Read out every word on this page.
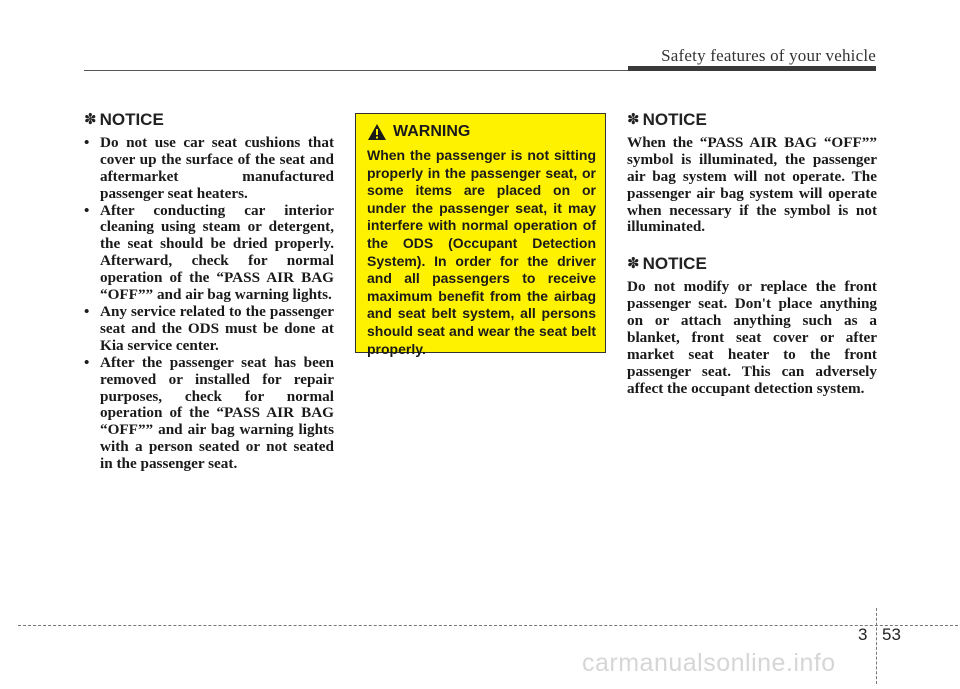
Safety features of your vehicle
✽ NOTICE
• Do not use car seat cushions that cover up the surface of the seat and aftermarket manufactured passenger seat heaters.
• After conducting car interior cleaning using steam or detergent, the seat should be dried properly. Afterward, check for normal operation of the “PASS AIR BAG “OFF”” and air bag warning lights.
• Any service related to the passenger seat and the ODS must be done at Kia service center.
• After the passenger seat has been removed or installed for repair purposes, check for normal operation of the “PASS AIR BAG “OFF”” and air bag warning lights with a person seated or not seated in the passenger seat.
WARNING

When the passenger is not sitting properly in the passenger seat, or some items are placed on or under the passenger seat, it may interfere with normal operation of the ODS (Occupant Detection System). In order for the driver and all passengers to receive maximum benefit from the airbag and seat belt system, all persons should seat and wear the seat belt properly.

✽ NOTICE

When the “PASS AIR BAG “OFF”” symbol is illuminated, the passenger air bag system will not operate. The passenger air bag system will operate when necessary if the symbol is not illuminated.

✽ NOTICE

Do not modify or replace the front passenger seat. Don't place anything on or attach anything such as a blanket, front seat cover or after market seat heater to the front passenger seat. This can adversely affect the occupant detection system.

3 53
carmanualsonline.info
